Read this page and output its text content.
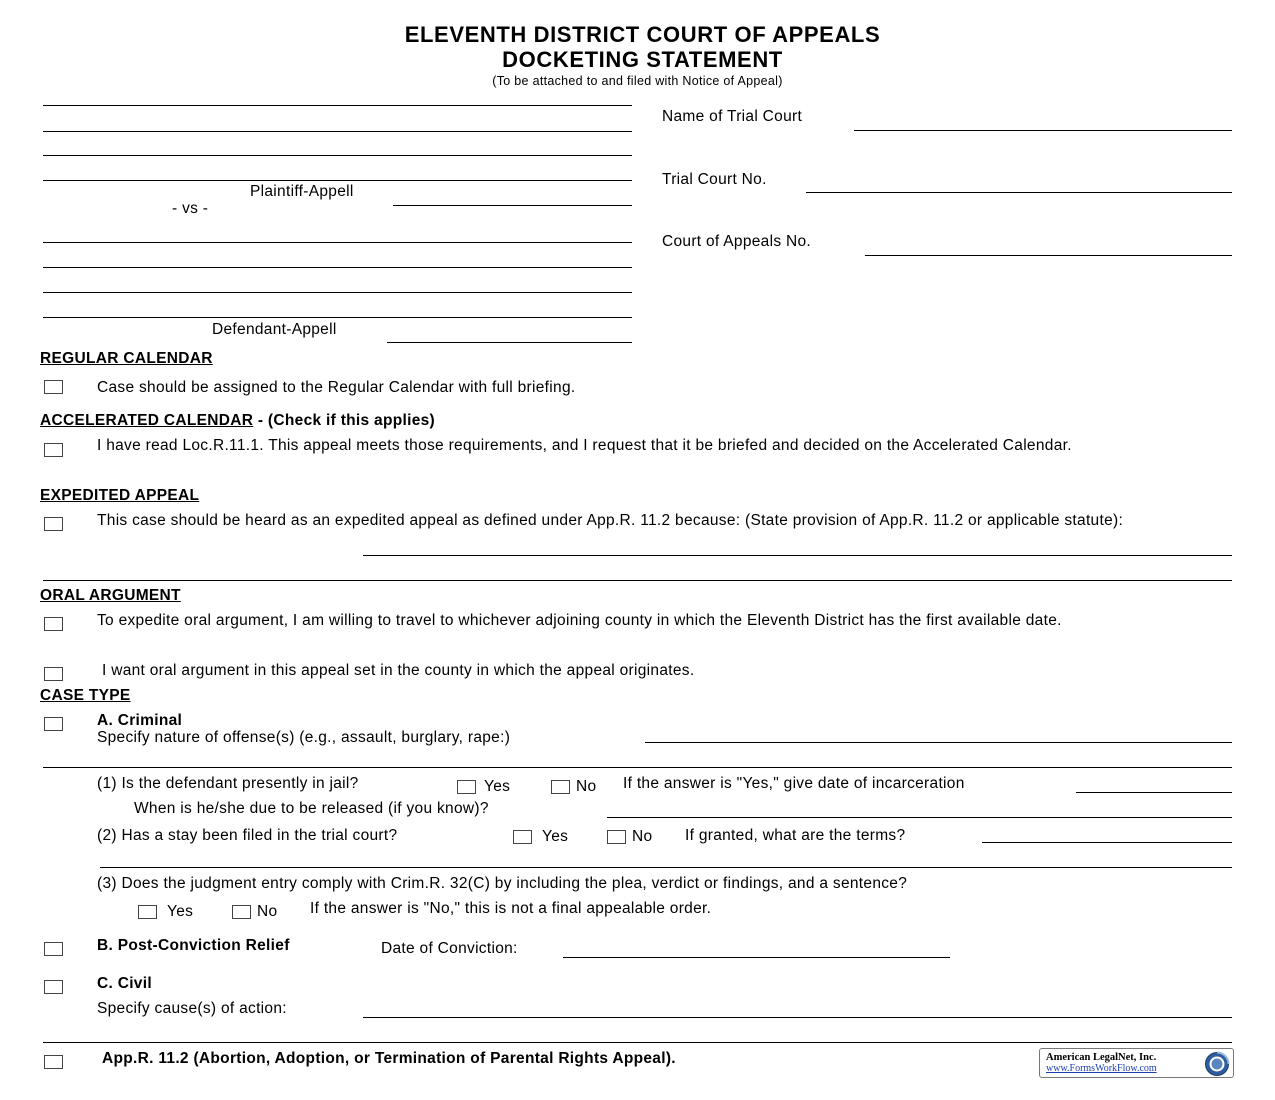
ELEVENTH DISTRICT COURT OF APPEALS
DOCKETING STATEMENT
(To be attached to and filed with Notice of Appeal)
Plaintiff-Appell
- vs -
Defendant-Appell
Name of Trial Court
Trial Court No.
Court of Appeals No.
REGULAR CALENDAR
Case should be assigned to the Regular Calendar with full briefing.
ACCELERATED CALENDAR - (Check if this applies)
I have read Loc.R.11.1. This appeal meets those requirements, and I request that it be briefed and decided on the Accelerated Calendar.
EXPEDITED APPEAL
This case should be heard as an expedited appeal as defined under App.R. 11.2 because: (State provision of App.R. 11.2 or applicable statute):
ORAL ARGUMENT
To expedite oral argument, I am willing to travel to whichever adjoining county in which the Eleventh District has the first available date.
I want oral argument in this appeal set in the county in which the appeal originates.
CASE TYPE
A. Criminal
Specify nature of offense(s) (e.g., assault, burglary, rape:)
(1) Is the defendant presently in jail?	Yes	No If the answer is "Yes," give date of incarceration
When is he/she due to be released (if you know)?
(2) Has a stay been filed in the trial court?	Yes	No If granted, what are the terms?
(3) Does the judgment entry comply with Crim.R. 32(C) by including the plea, verdict or findings, and a sentence?
Yes	No If the answer is "No," this is not a final appealable order.
B. Post-Conviction Relief	Date of Conviction:
C. Civil
Specify cause(s) of action:
App.R. 11.2 (Abortion, Adoption, or Termination of Parental Rights Appeal).	American LegalNet, Inc.
www.FormsWorkFlow.com
